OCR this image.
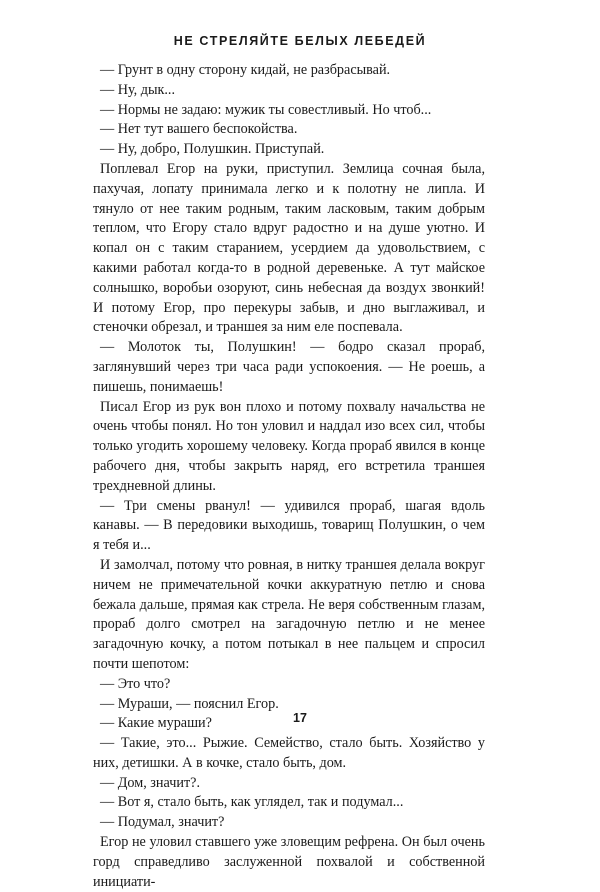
НЕ СТРЕЛЯЙТЕ БЕЛЫХ ЛЕБЕДЕЙ

— Грунт в одну сторону кидай, не разбрасывай.

— Ну, дык...

— Нормы не задаю: мужик ты совестливый. Но чтоб...

— Нет тут вашего беспокойства.

— Ну, добро, Полушкин. Приступай.

Поплевал Егор на руки, приступил. Землица сочная была, пахучая, лопату принимала легко и к полотну не липла. И тянуло от нее таким родным, таким ласковым, таким добрым теплом, что Егору стало вдруг радостно и на душе уютно. И копал он с таким старанием, усердием да удовольствием, с какими работал когда-то в родной деревеньке. А тут майское солнышко, воробьи озоруют, синь небесная да воздух звонкий! И потому Егор, про перекуры забыв, и дно выглаживал, и стеночки обрезал, и траншея за ним еле поспевала.

— Молоток ты, Полушкин! — бодро сказал прораб, заглянувший через три часа ради успокоения. — Не роешь, а пишешь, понимаешь!

Писал Егор из рук вон плохо и потому похвалу начальства не очень чтобы понял. Но тон уловил и наддал изо всех сил, чтобы только угодить хорошему человеку. Когда прораб явился в конце рабочего дня, чтобы закрыть наряд, его встретила траншея трехдневной длины.

— Три смены рванул! — удивился прораб, шагая вдоль канавы. — В передовики выходишь, товарищ Полушкин, о чем я тебя и...

И замолчал, потому что ровная, в нитку траншея делала вокруг ничем не примечательной кочки аккуратную петлю и снова бежала дальше, прямая как стрела. Не веря собственным глазам, прораб долго смотрел на загадочную петлю и не менее загадочную кочку, а потом потыкал в нее пальцем и спросил почти шепотом:

— Это что?

— Мураши, — пояснил Егор.

— Какие мураши?

— Такие, это... Рыжие. Семейство, стало быть. Хозяйство у них, детишки. А в кочке, стало быть, дом.

— Дом, значит?.

— Вот я, стало быть, как углядел, так и подумал...

— Подумал, значит?

Егор не уловил ставшего уже зловещим рефрена. Он был очень горд справедливо заслуженной похвалой и собственной инициати-

17
